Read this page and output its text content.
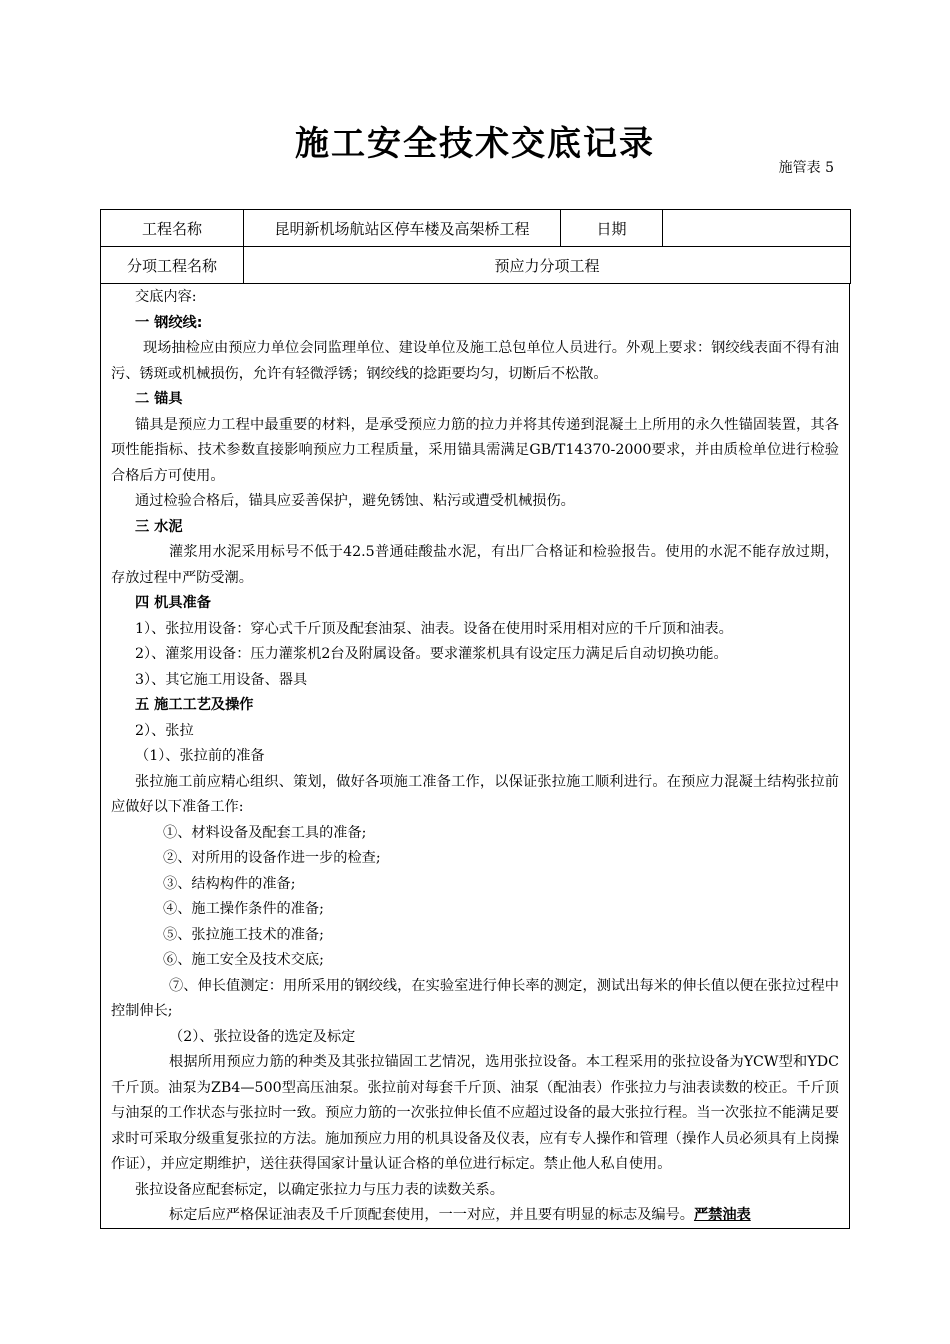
施工安全技术交底记录
施管表 5
工程名称	昆明新机场航站区停车楼及高架桥工程	日期	
分项工程名称	预应力分项工程		

交底内容:

一 钢绞线:

现场抽检应由预应力单位会同监理单位、建设单位及施工总包单位人员进行。外观上要求：钢绞线表面不得有油污、锈斑或机械损伤，允许有轻微浮锈；钢绞线的捻距要均匀，切断后不松散。

二 锚具

锚具是预应力工程中最重要的材料，是承受预应力筋的拉力并将其传递到混凝土上所用的永久性锚固装置，其各项性能指标、技术参数直接影响预应力工程质量，采用锚具需满足GB/T14370-2000要求，并由质检单位进行检验合格后方可使用。

通过检验合格后，锚具应妥善保护，避免锈蚀、粘污或遭受机械损伤。

三 水泥

灌浆用水泥采用标号不低于42.5普通硅酸盐水泥，有出厂合格证和检验报告。使用的水泥不能存放过期，存放过程中严防受潮。

四 机具准备

1）、张拉用设备：穿心式千斤顶及配套油泵、油表。设备在使用时采用相对应的千斤顶和油表。

2）、灌浆用设备：压力灌浆机2台及附属设备。要求灌浆机具有设定压力满足后自动切换功能。

3）、其它施工用设备、器具

五 施工工艺及操作

2）、张拉

（1）、张拉前的准备

张拉施工前应精心组织、策划，做好各项施工准备工作，以保证张拉施工顺利进行。在预应力混凝土结构张拉前应做好以下准备工作:

①、材料设备及配套工具的准备;

②、对所用的设备作进一步的检查;

③、结构构件的准备;

④、施工操作条件的准备;

⑤、张拉施工技术的准备;

⑥、施工安全及技术交底;

⑦、伸长值测定：用所采用的钢绞线，在实验室进行伸长率的测定，测试出每米的伸长值以便在张拉过程中控制伸长;

（2）、张拉设备的选定及标定

根据所用预应力筋的种类及其张拉锚固工艺情况，选用张拉设备。本工程采用的张拉设备为YCW型和YDC千斤顶。油泵为ZB4—500型高压油泵。张拉前对每套千斤顶、油泵（配油表）作张拉力与油表读数的校正。千斤顶与油泵的工作状态与张拉时一致。预应力筋的一次张拉伸长值不应超过设备的最大张拉行程。当一次张拉不能满足要求时可采取分级重复张拉的方法。施加预应力用的机具设备及仪表，应有专人操作和管理（操作人员必须具有上岗操作证），并应定期维护，送往获得国家计量认证合格的单位进行标定。禁止他人私自使用。

张拉设备应配套标定，以确定张拉力与压力表的读数关系。

标定后应严格保证油表及千斤顶配套使用，一一对应，并且要有明显的标志及编号。严禁油表
